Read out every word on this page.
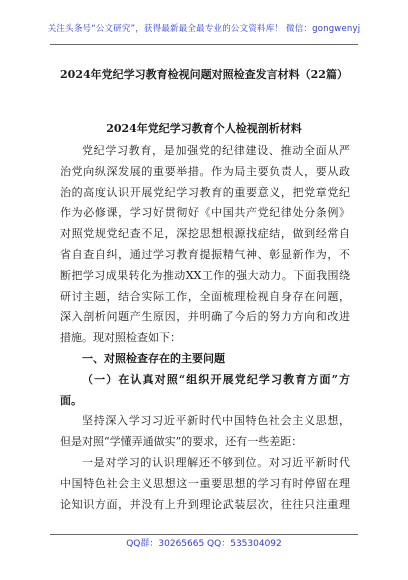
关注头条号“公文研究”，获得最新最全最专业的公文资料库！ 微信：gongwenyj
2024年党纪学习教育检视问题对照检查发言材料（22篇）
2024年党纪学习教育个人检视剖析材料
党纪学习教育，是加强党的纪律建设、推动全面从严
治党向纵深发展的重要举措。作为局主要负责人，要从政
治的高度认识开展党纪学习教育的重要意义，把党章党纪
作为必修课，学习好贯彻好《中国共产党纪律处分条例》
对照党规党纪查不足，深挖思想根源找症结，做到经常自
省自查自纠，通过学习教育提振精气神、彰显新作为，不
断把学习成果转化为推动XX工作的强大动力。下面我围绕
研讨主题，结合实际工作，全面梳理检视自身存在问题，
深入剖析问题产生原因，并明确了今后的努力方向和改进
措施。现对照检查如下：
一、对照检查存在的主要问题
（一）在认真对照“组织开展党纪学习教育方面”方
面。
坚持深入学习习近平新时代中国特色社会主义思想，
但是对照“学懂弄通做实”的要求，还有一些差距：
一是对学习的认识理解还不够到位。对习近平新时代
中国特色社会主义思想这一重要思想的学习有时停留在理
论知识方面，并没有上升到理论武装层次，往往只注重理
QQ群：30265665 QQ：535304092
